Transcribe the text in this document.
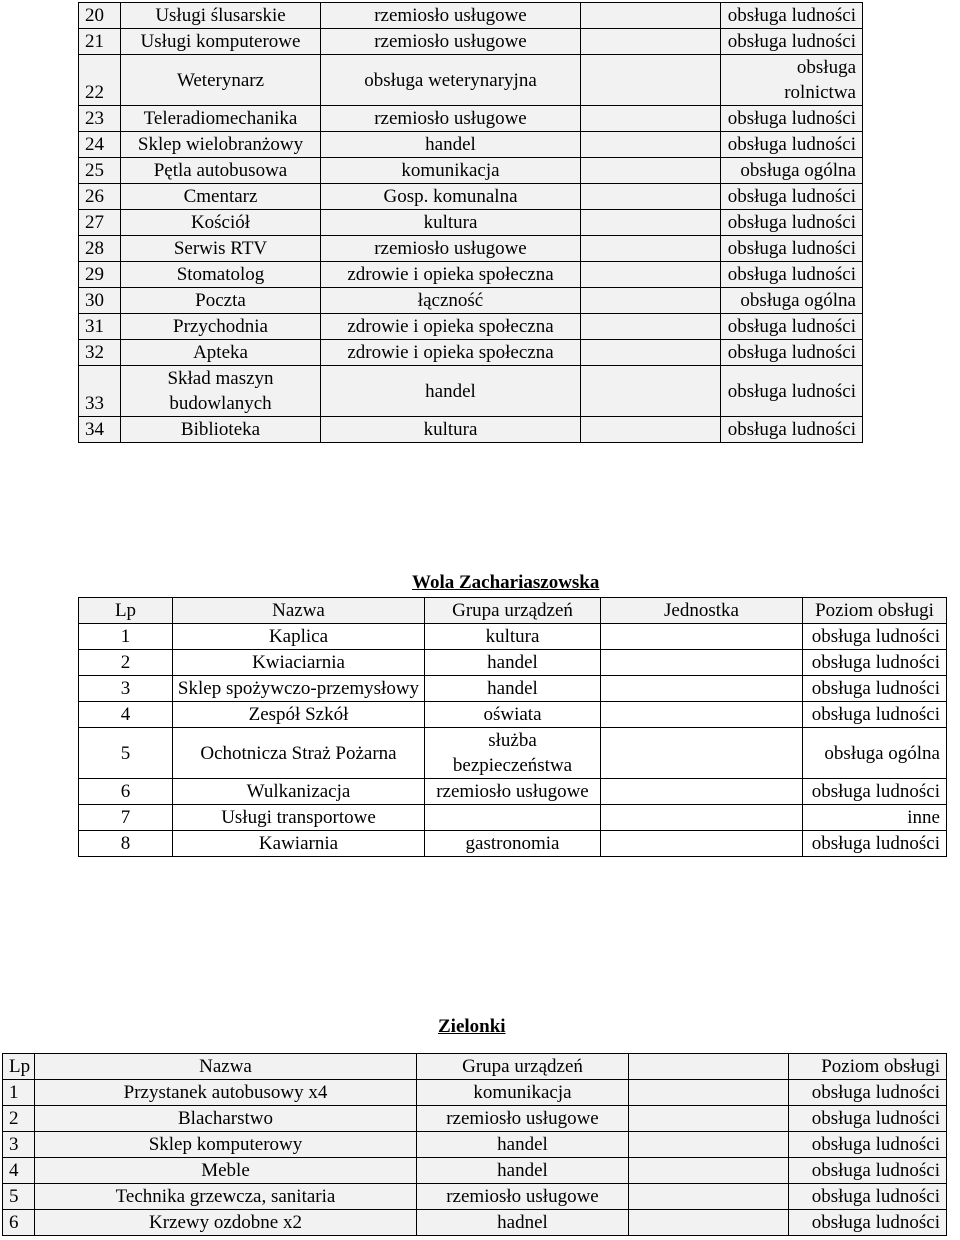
20	Usługi ślusarskie	rzemiosło usługowe		obsługa ludności
21	Usługi komputerowe	rzemiosło usługowe		obsługa ludności
22	Weterynarz	obsługa weterynaryjna		obsługa rolnictwa
23	Teleradiomechanika	rzemiosło usługowe		obsługa ludności
24	Sklep wielobranżowy	handel		obsługa ludności
25	Pętla autobusowa	komunikacja		obsługa ogólna
26	Cmentarz	Gosp. komunalna		obsługa ludności
27	Kościół	kultura		obsługa ludności
28	Serwis RTV	rzemiosło usługowe		obsługa ludności
29	Stomatolog	zdrowie i opieka społeczna		obsługa ludności
30	Poczta	łączność		obsługa ogólna
31	Przychodnia	zdrowie i opieka społeczna		obsługa ludności
32	Apteka	zdrowie i opieka społeczna		obsługa ludności
33	Skład maszyn budowlanych	handel		obsługa ludności
34	Biblioteka	kultura		obsługa ludności
Wola Zachariaszowska
Lp	Nazwa	Grupa urządzeń	Jednostka	Poziom obsługi
1	Kaplica	kultura		obsługa ludności
2	Kwiaciarnia	handel		obsługa ludności
3	Sklep spożywczo-przemysłowy	handel		obsługa ludności
4	Zespół Szkół	oświata		obsługa ludności
5	Ochotnicza Straż Pożarna	służba bezpieczeństwa		obsługa ogólna
6	Wulkanizacja	rzemiosło usługowe		obsługa ludności
7	Usługi transportowe			inne
8	Kawiarnia	gastronomia		obsługa ludności
Zielonki
Lp	Nazwa	Grupa urządzeń		Poziom obsługi
1	Przystanek autobusowy x4	komunikacja		obsługa ludności
2	Blacharstwo	rzemiosło usługowe		obsługa ludności
3	Sklep komputerowy	handel		obsługa ludności
4	Meble	handel		obsługa ludności
5	Technika grzewcza, sanitaria	rzemiosło usługowe		obsługa ludności
6	Krzewy ozdobne x2	hadnel		obsługa ludności
